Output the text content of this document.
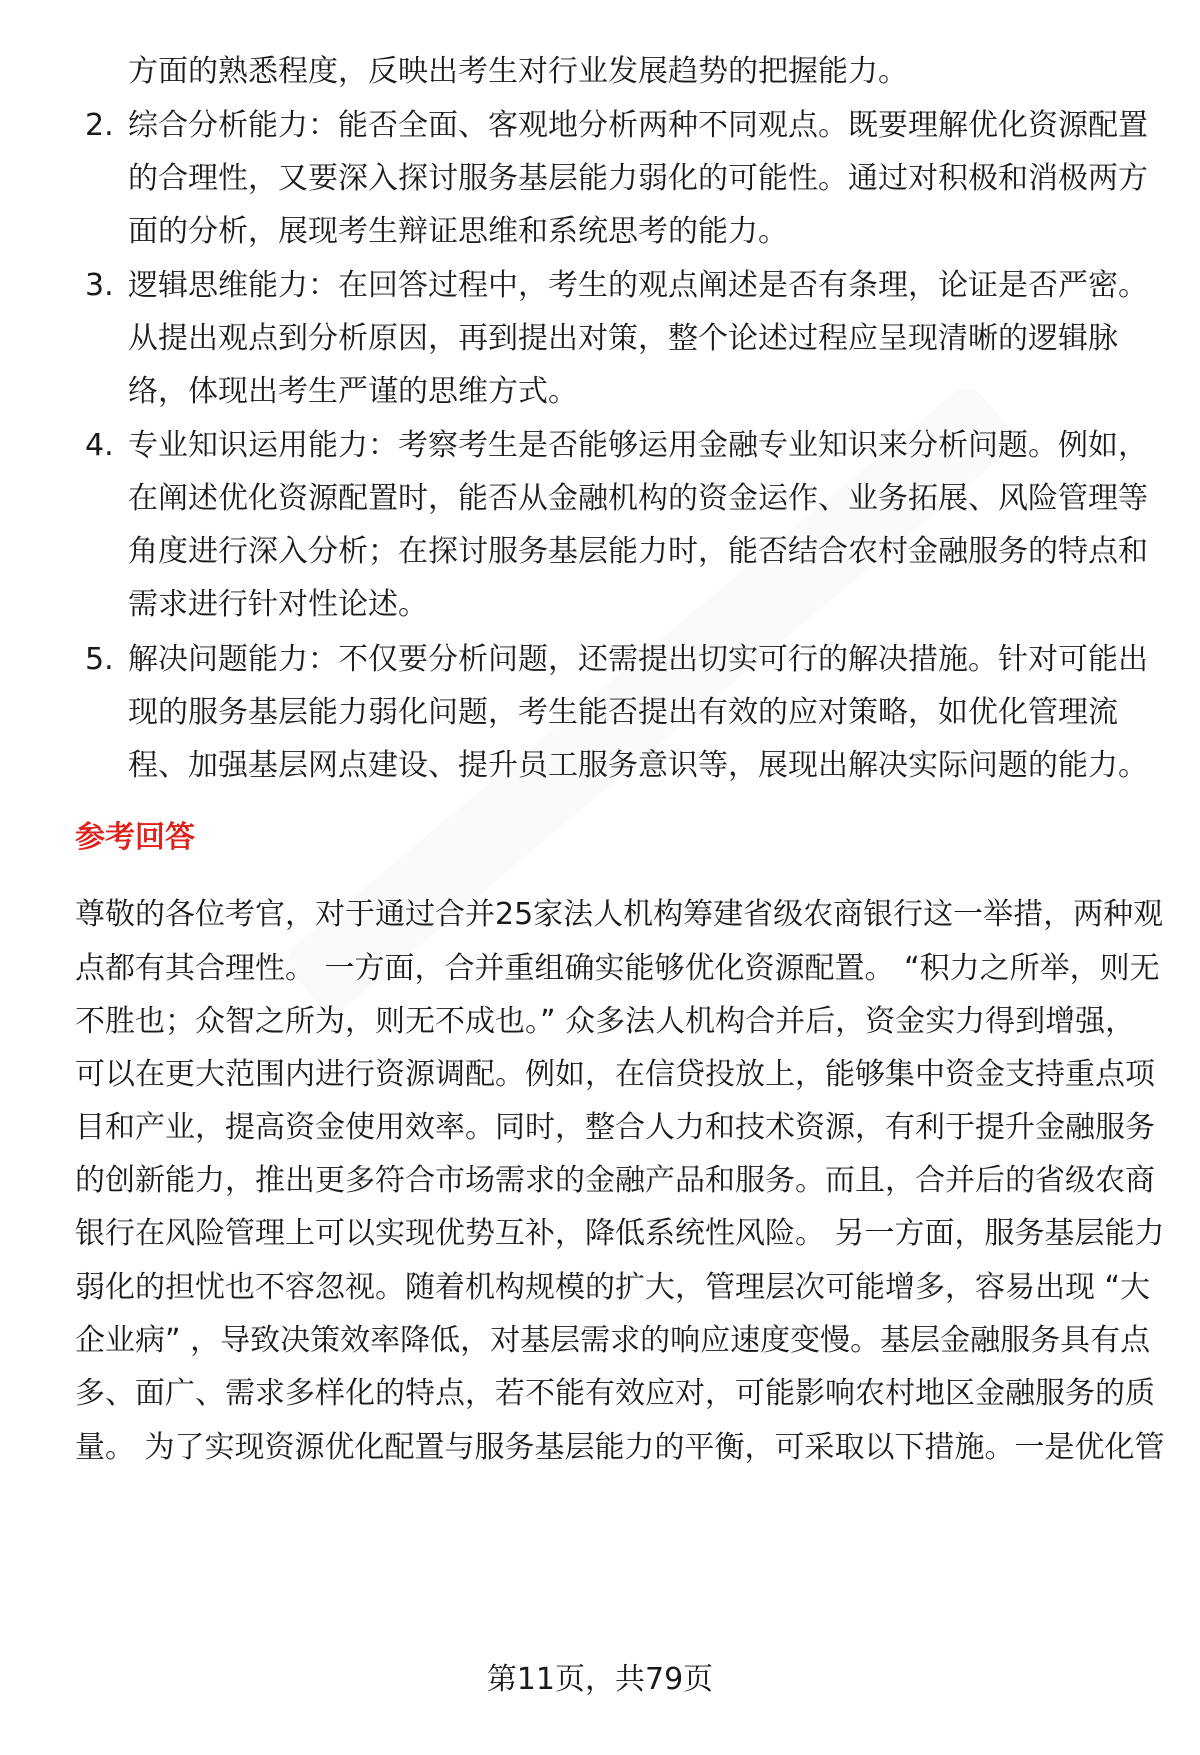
方面的熟悉程度，反映出考生对行业发展趋势的把握能力。
2. 综合分析能力：能否全面、客观地分析两种不同观点。既要理解优化资源配置
的合理性，又要深入探讨服务基层能力弱化的可能性。通过对积极和消极两方
面的分析，展现考生辩证思维和系统思考的能力。
3. 逻辑思维能力：在回答过程中，考生的观点阐述是否有条理，论证是否严密。
从提出观点到分析原因，再到提出对策，整个论述过程应呈现清晰的逻辑脉
络，体现出考生严谨的思维方式。
4. 专业知识运用能力：考察考生是否能够运用金融专业知识来分析问题。例如，
在阐述优化资源配置时，能否从金融机构的资金运作、业务拓展、风险管理等
角度进行深入分析；在探讨服务基层能力时，能否结合农村金融服务的特点和
需求进行针对性论述。
5. 解决问题能力：不仅要分析问题，还需提出切实可行的解决措施。针对可能出
现的服务基层能力弱化问题，考生能否提出有效的应对策略，如优化管理流
程、加强基层网点建设、提升员工服务意识等，展现出解决实际问题的能力。
参考回答
尊敬的各位考官，对于通过合并25家法人机构筹建省级农商银行这一举措，两种观
点都有其合理性。 一方面，合并重组确实能够优化资源配置。 “积力之所举，则无
不胜也；众智之所为，则无不成也。” 众多法人机构合并后，资金实力得到增强，
可以在更大范围内进行资源调配。例如，在信贷投放上，能够集中资金支持重点项
目和产业，提高资金使用效率。同时，整合人力和技术资源，有利于提升金融服务
的创新能力，推出更多符合市场需求的金融产品和服务。而且，合并后的省级农商
银行在风险管理上可以实现优势互补，降低系统性风险。 另一方面，服务基层能力
弱化的担忧也不容忽视。随着机构规模的扩大，管理层次可能增多，容易出现 “大
企业病” ，导致决策效率降低，对基层需求的响应速度变慢。基层金融服务具有点
多、面广、需求多样化的特点，若不能有效应对，可能影响农村地区金融服务的质
量。 为了实现资源优化配置与服务基层能力的平衡，可采取以下措施。一是优化管
第11页，共79页
